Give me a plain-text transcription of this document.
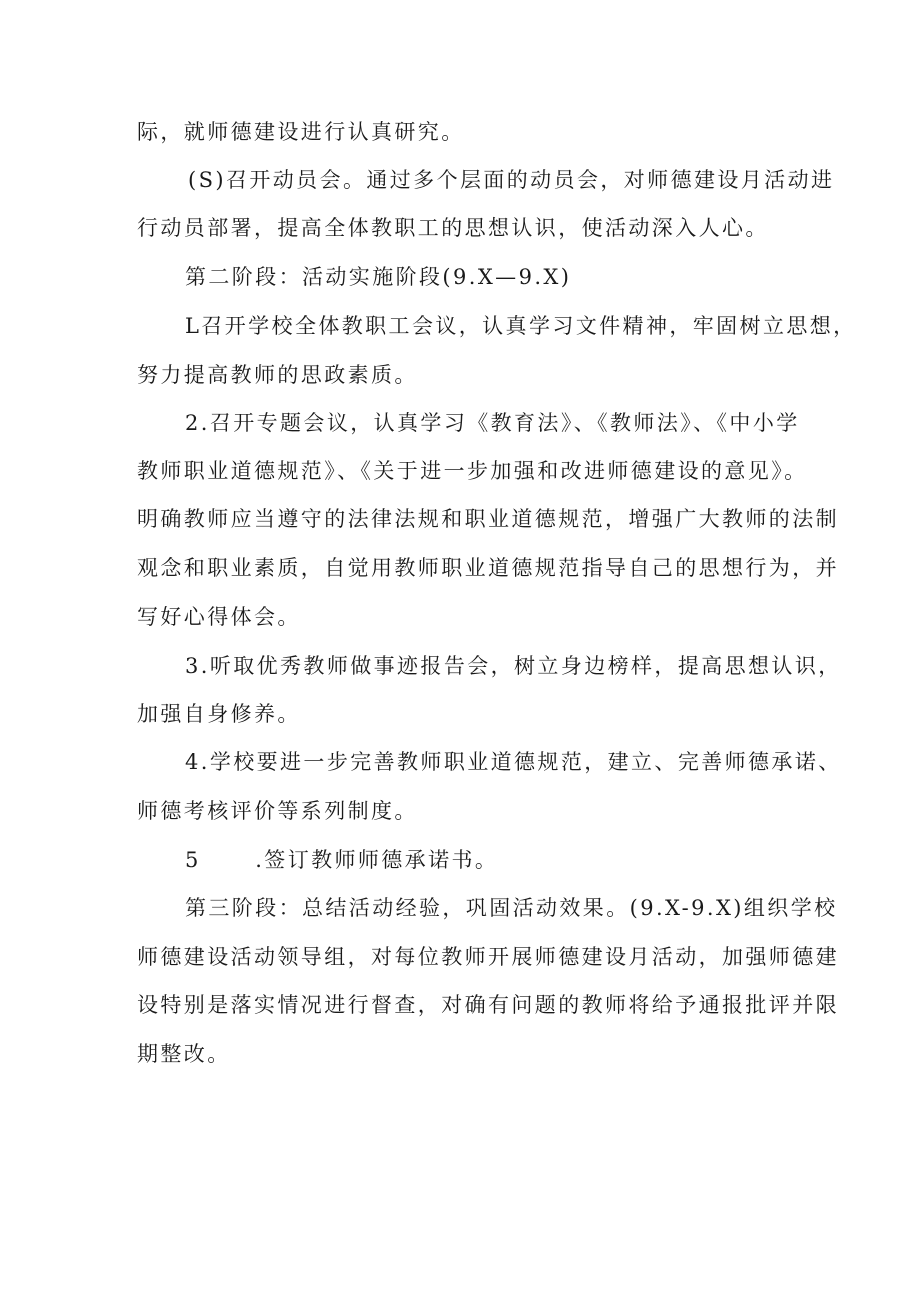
际，就师德建设进行认真研究。
(S)召开动员会。通过多个层面的动员会，对师德建设月活动进
行动员部署，提高全体教职工的思想认识，使活动深入人心。
第二阶段：活动实施阶段(9.X—9.X)
L召开学校全体教职工会议，认真学习文件精神，牢固树立思想，
努力提高教师的思政素质。
2.召开专题会议，认真学习《教育法》、《教师法》、《中小学
教师职业道德规范》、《关于进一步加强和改进师德建设的意见》。
明确教师应当遵守的法律法规和职业道德规范，增强广大教师的法制
观念和职业素质，自觉用教师职业道德规范指导自己的思想行为，并
写好心得体会。
3.听取优秀教师做事迹报告会，树立身边榜样，提高思想认识，
加强自身修养。
4.学校要进一步完善教师职业道德规范，建立、完善师德承诺、
师德考核评价等系列制度。
5      .签订教师师德承诺书。
第三阶段：总结活动经验，巩固活动效果。(9.X-9.X)组织学校
师德建设活动领导组，对每位教师开展师德建设月活动，加强师德建
设特别是落实情况进行督查，对确有问题的教师将给予通报批评并限
期整改。
